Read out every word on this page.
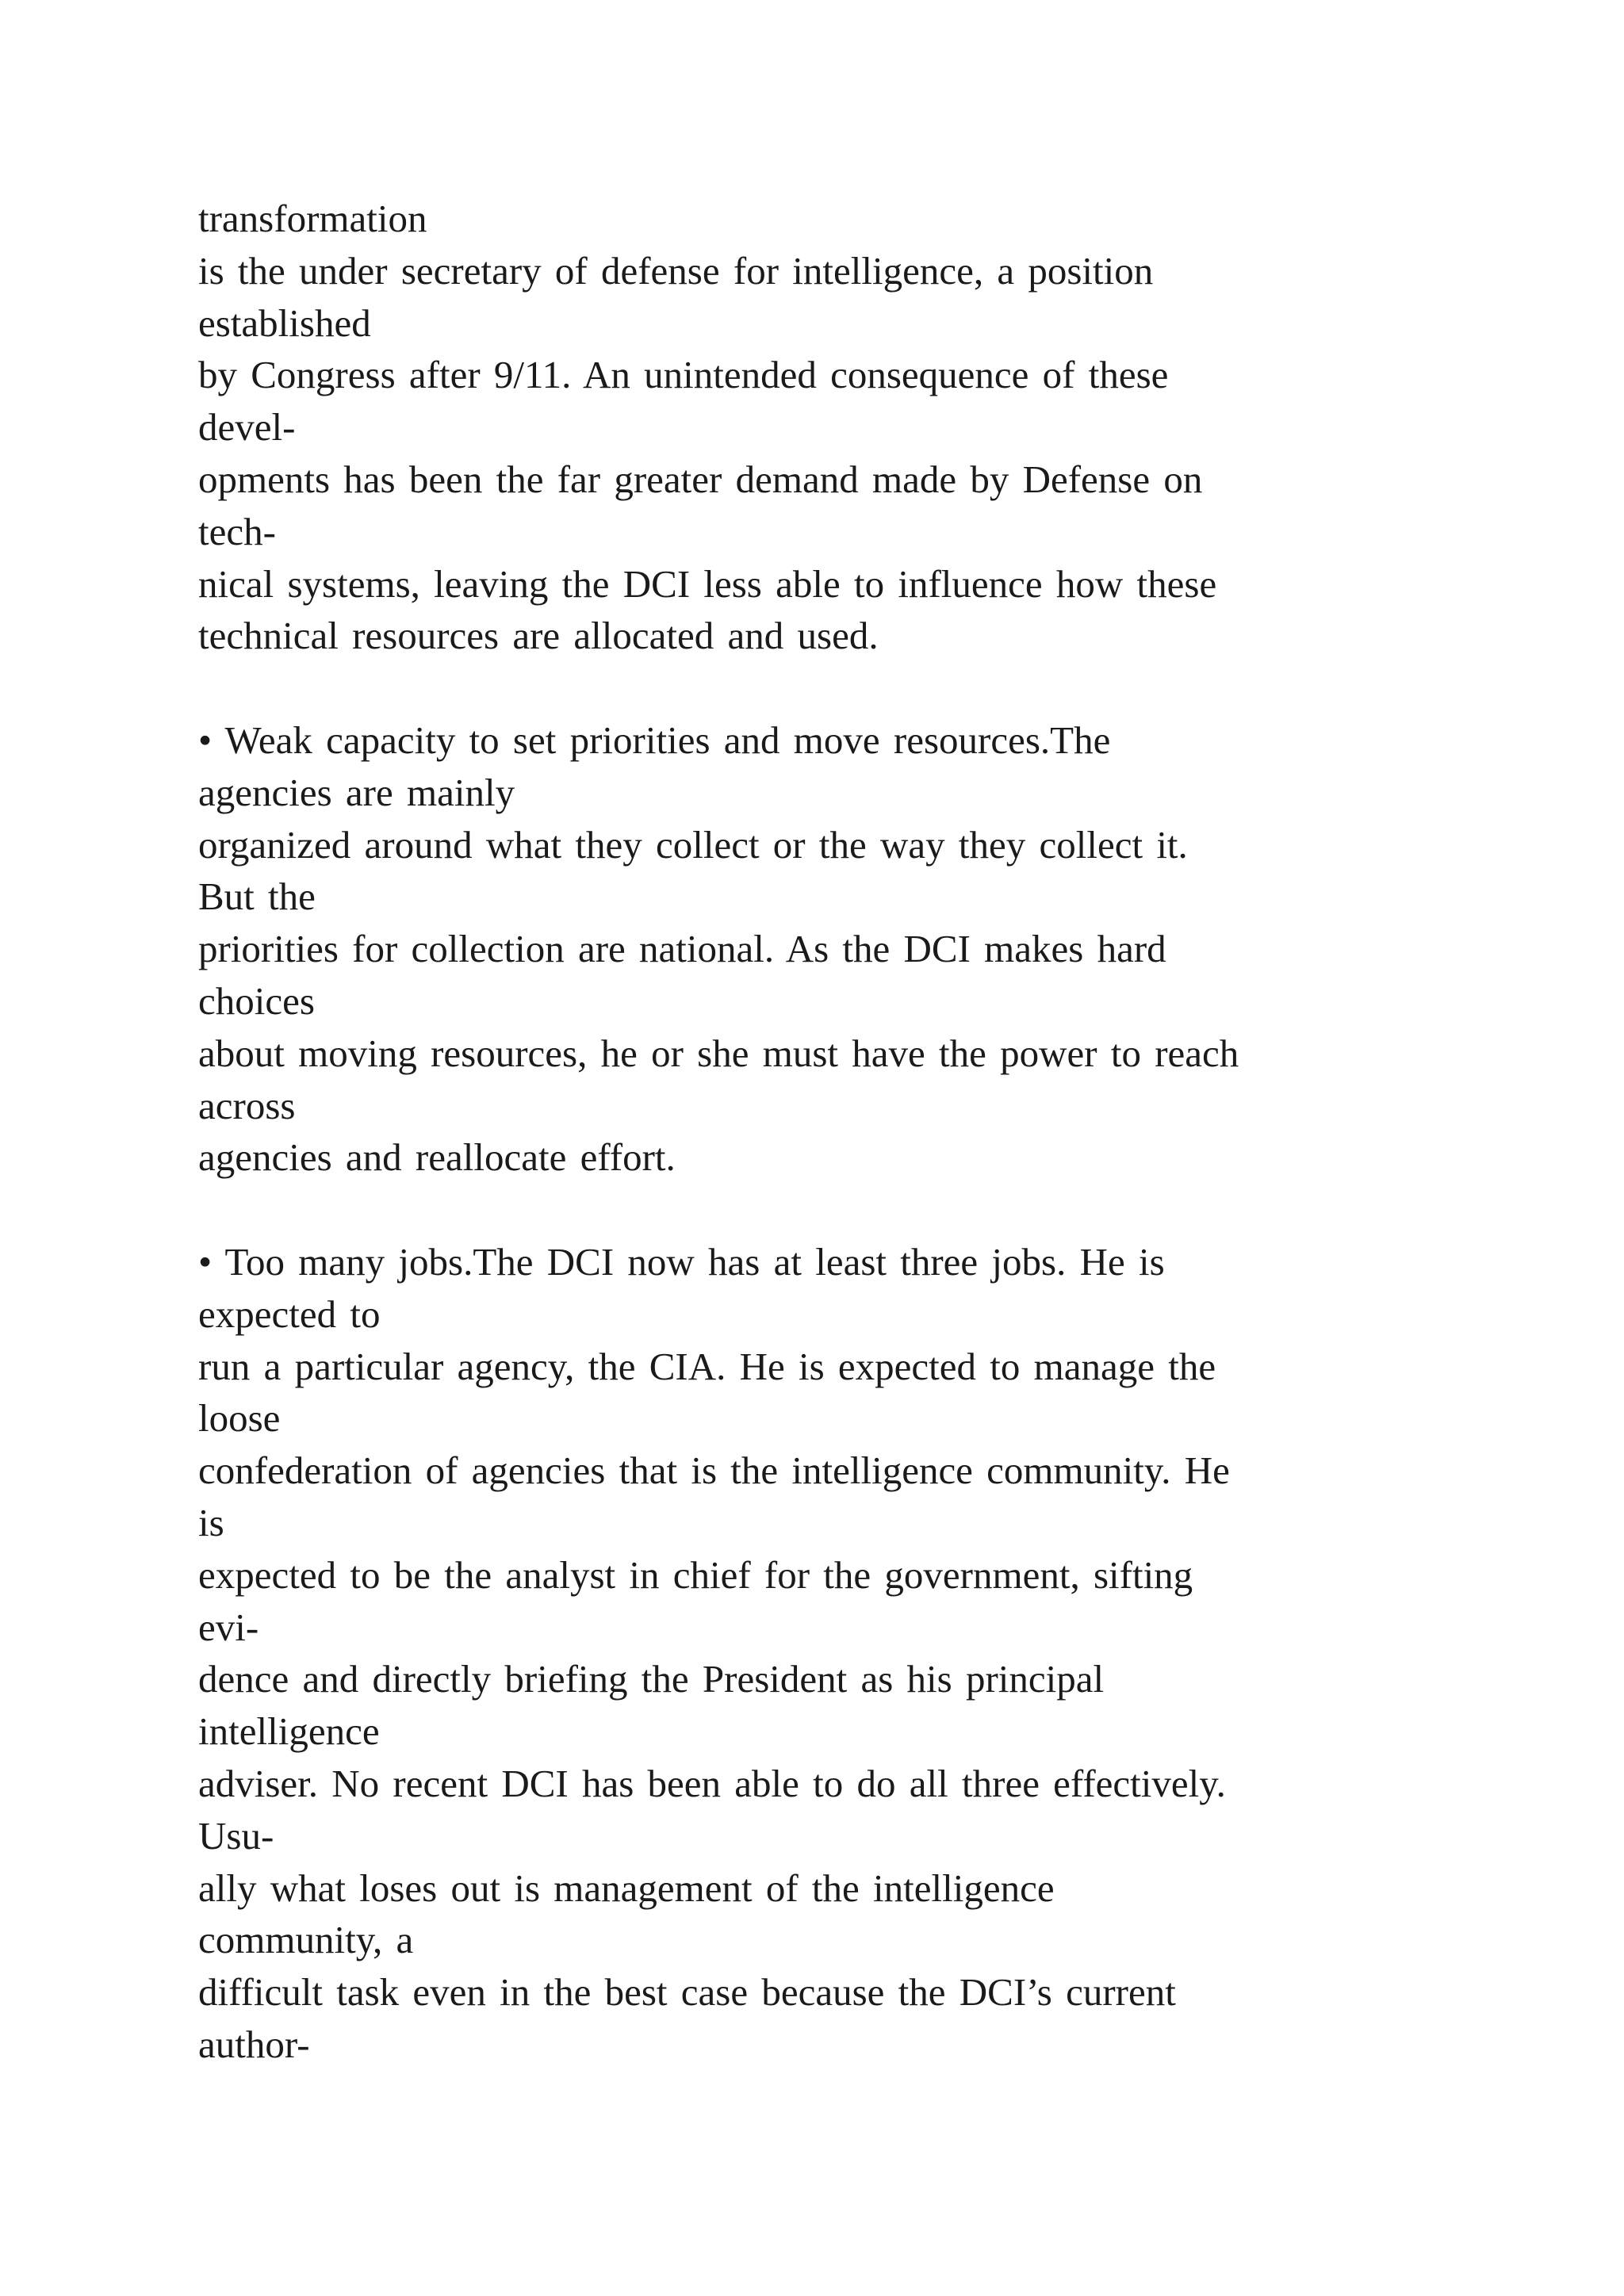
transformation
is the under secretary of defense for intelligence, a position
established
by Congress after 9/11. An unintended consequence of these
devel-
opments has been the far greater demand made by Defense on
tech-
nical systems, leaving the DCI less able to influence how these
technical resources are allocated and used.
• Weak capacity to set priorities and move resources.The
agencies are mainly
organized around what they collect or the way they collect it.
But the
priorities for collection are national. As the DCI makes hard
choices
about moving resources, he or she must have the power to reach
across
agencies and reallocate effort.
• Too many jobs.The DCI now has at least three jobs. He is
expected to
run a particular agency, the CIA. He is expected to manage the
loose
confederation of agencies that is the intelligence community. He
is
expected to be the analyst in chief for the government, sifting
evi-
dence and directly briefing the President as his principal
intelligence
adviser. No recent DCI has been able to do all three effectively.
Usu-
ally what loses out is management of the intelligence
community, a
difficult task even in the best case because the DCI’s current
author-
